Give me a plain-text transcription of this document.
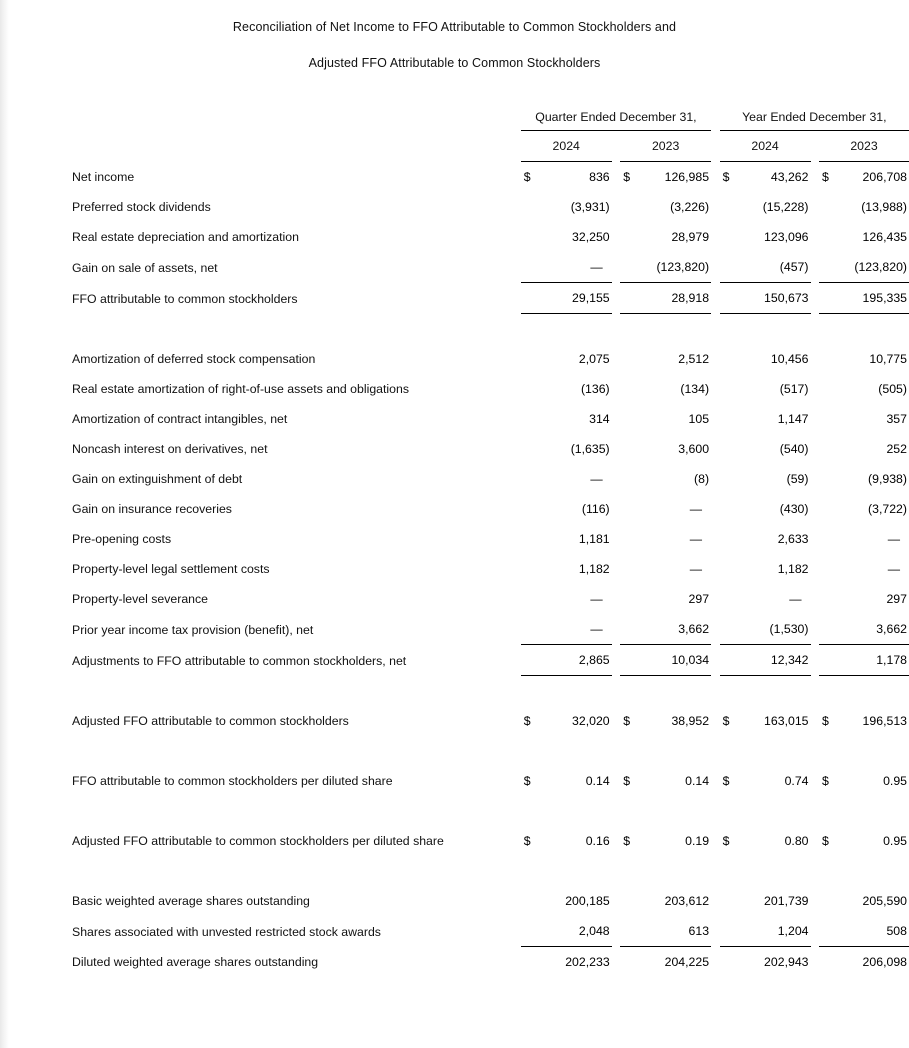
Reconciliation of Net Income to FFO Attributable to Common Stockholders and
Adjusted FFO Attributable to Common Stockholders
	Quarter Ended December 31,						Year Ended December 31,				
	2024			2023			2024			2023	
Net income	$	836		$	126,985		$	43,262		$	206,708
Preferred stock dividends		(3,931)			(3,226)			(15,228)			(13,988)
Real estate depreciation and amortization		32,250			28,979			123,096			126,435
Gain on sale of assets, net		—			(123,820)			(457)			(123,820)
FFO attributable to common stockholders		29,155			28,918			150,673			195,335

Amortization of deferred stock compensation		2,075			2,512			10,456			10,775
Real estate amortization of right-of-use assets and obligations		(136)			(134)			(517)			(505)
Amortization of contract intangibles, net		314			105			1,147			357
Noncash interest on derivatives, net		(1,635)			3,600			(540)			252
Gain on extinguishment of debt		—			(8)			(59)			(9,938)
Gain on insurance recoveries		(116)			—			(430)			(3,722)
Pre-opening costs		1,181			—			2,633			—
Property-level legal settlement costs		1,182			—			1,182			—
Property-level severance		—			297			—			297
Prior year income tax provision (benefit), net		—			3,662			(1,530)			3,662
Adjustments to FFO attributable to common stockholders, net		2,865			10,034			12,342			1,178

Adjusted FFO attributable to common stockholders	$	32,020		$	38,952		$	163,015		$	196,513

FFO attributable to common stockholders per diluted share	$	0.14		$	0.14		$	0.74		$	0.95

Adjusted FFO attributable to common stockholders per diluted share	$	0.16		$	0.19		$	0.80		$	0.95

Basic weighted average shares outstanding		200,185			203,612			201,739			205,590
Shares associated with unvested restricted stock awards		2,048			613			1,204			508
Diluted weighted average shares outstanding		202,233			204,225			202,943			206,098
